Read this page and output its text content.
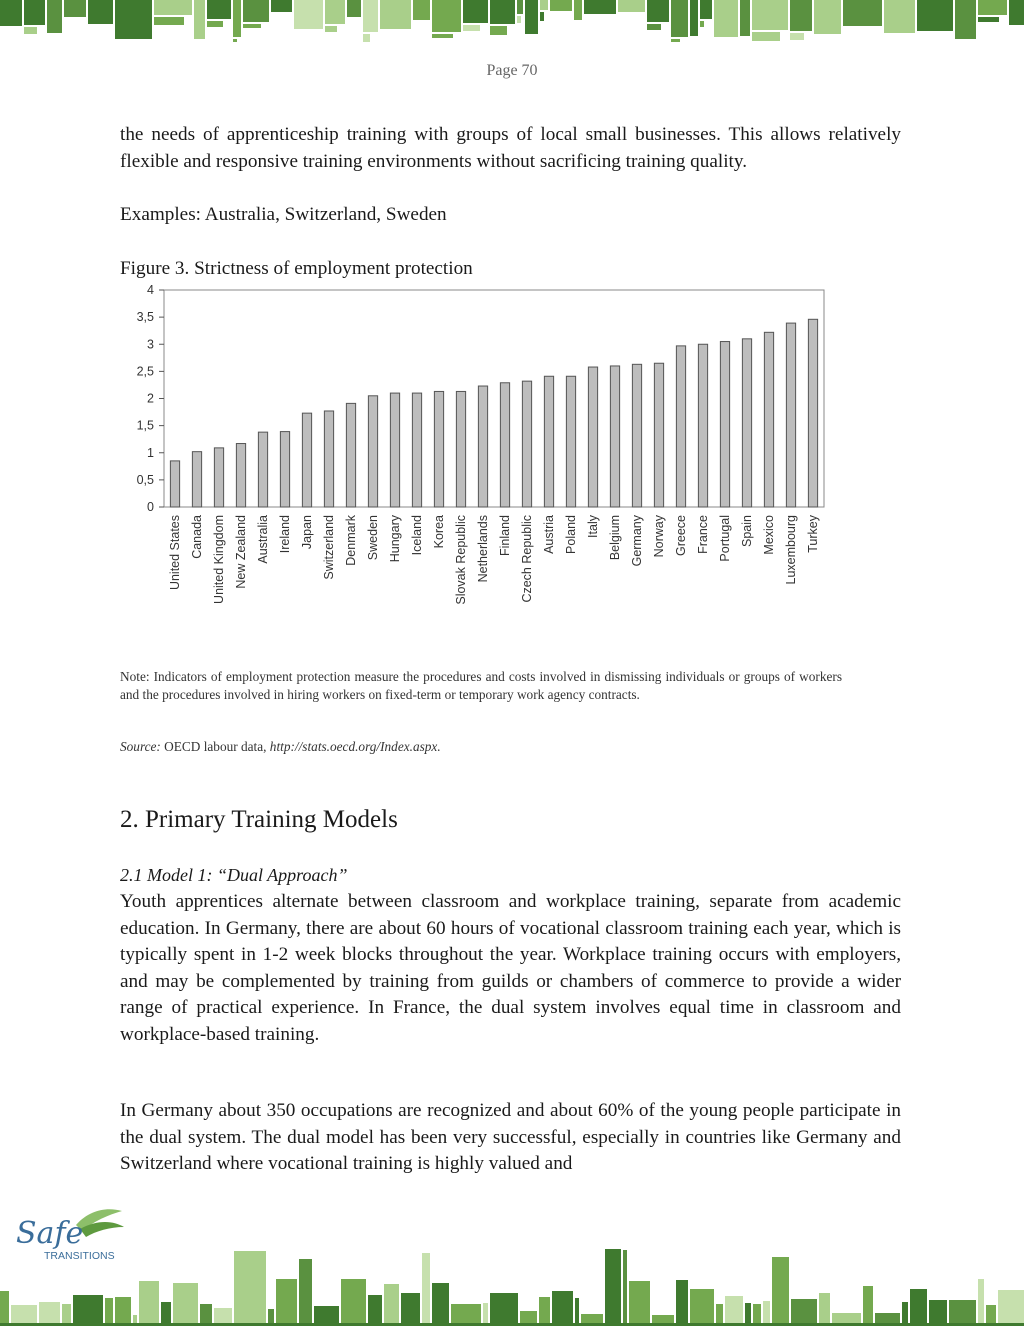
Page 70

the needs of apprenticeship training with groups of local small businesses. This allows relatively flexible and responsive training environments without sacrificing training quality.

Examples: Australia, Switzerland, Sweden

Figure 3. Strictness of employment protection
0
0,5
1
1,5
2
2,5
3
3,5
4
United States Canada United Kingdom New Zealand Australia Ireland Japan Switzerland Denmark Sweden Hungary Iceland Korea Slovak Republic Netherlands Finland Czech Republic Austria Poland Italy Belgium Germany Norway Greece France Portugal Spain Mexico Luxembourg Turkey

Note: Indicators of employment protection measure the procedures and costs involved in dismissing individuals or groups of workers and the procedures involved in hiring workers on fixed-term or temporary work agency contracts.

Source: OECD labour data, http://stats.oecd.org/Index.aspx.

2. Primary Training Models
2.1 Model 1: “Dual Approach”

Youth apprentices alternate between classroom and workplace training, separate from academic education. In Germany, there are about 60 hours of vocational classroom training each year, which is typically spent in 1-2 week blocks throughout the year. Workplace training occurs with employers, and may be complemented by training from guilds or chambers of commerce to provide a wider range of practical experience. In France, the dual system involves equal time in classroom and workplace-based training.

In Germany about 350 occupations are recognized and about 60% of the young people participate in the dual system. The dual model has been very successful, especially in countries like Germany and Switzerland where vocational training is highly valued and

Safe
TRANSITIONS
